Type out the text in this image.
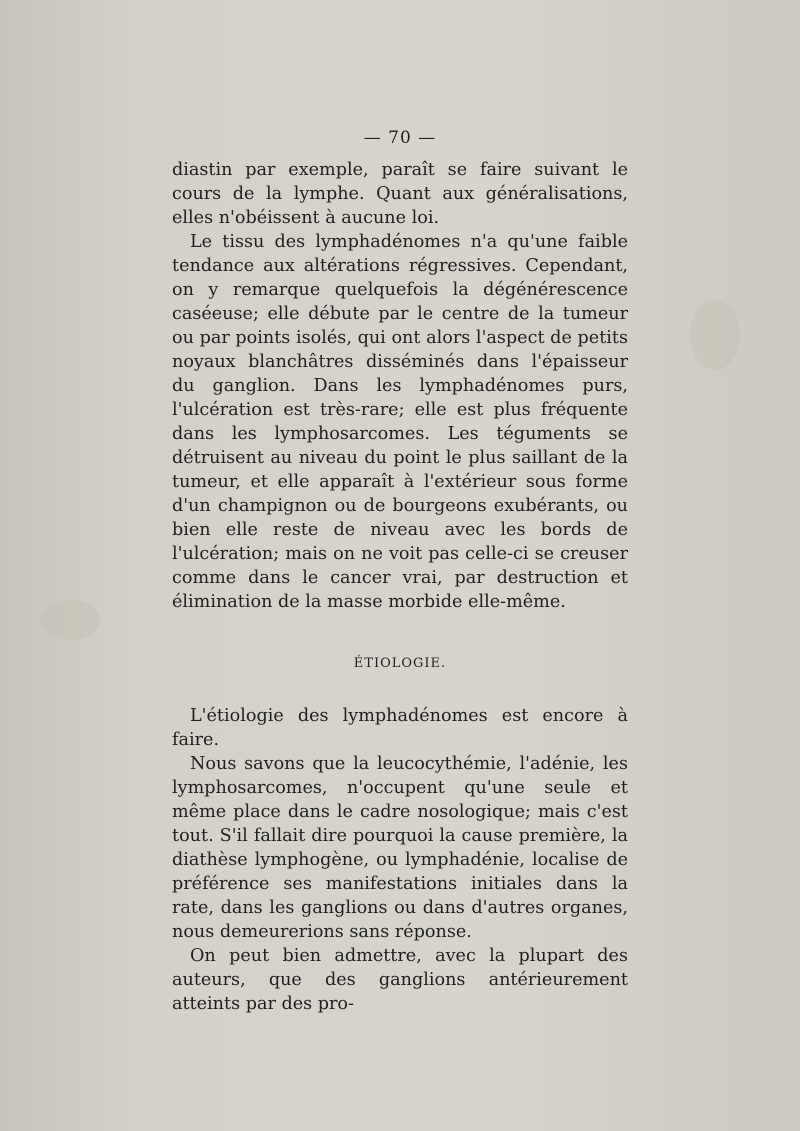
— 70 —

diastin par exemple, paraît se faire suivant le cours de la lymphe. Quant aux généralisations, elles n'obéissent à aucune loi.

Le tissu des lymphadénomes n'a qu'une faible tendance aux altérations régressives. Cependant, on y remarque quelquefois la dégénérescence caséeuse; elle débute par le centre de la tumeur ou par points isolés, qui ont alors l'aspect de petits noyaux blanchâtres disséminés dans l'épaisseur du ganglion. Dans les lymphadénomes purs, l'ulcération est très-rare; elle est plus fréquente dans les lymphosarcomes. Les téguments se détruisent au niveau du point le plus saillant de la tumeur, et elle apparaît à l'extérieur sous forme d'un champignon ou de bourgeons exubérants, ou bien elle reste de niveau avec les bords de l'ulcération; mais on ne voit pas celle-ci se creuser comme dans le cancer vrai, par destruction et élimination de la masse morbide elle-même.

ÉTIOLOGIE.

L'étiologie des lymphadénomes est encore à faire.

Nous savons que la leucocythémie, l'adénie, les lymphosarcomes, n'occupent qu'une seule et même place dans le cadre nosologique; mais c'est tout. S'il fallait dire pourquoi la cause première, la diathèse lymphogène, ou lymphadénie, localise de préférence ses manifestations initiales dans la rate, dans les ganglions ou dans d'autres organes, nous demeurerions sans réponse.

On peut bien admettre, avec la plupart des auteurs, que des ganglions antérieurement atteints par des pro-
